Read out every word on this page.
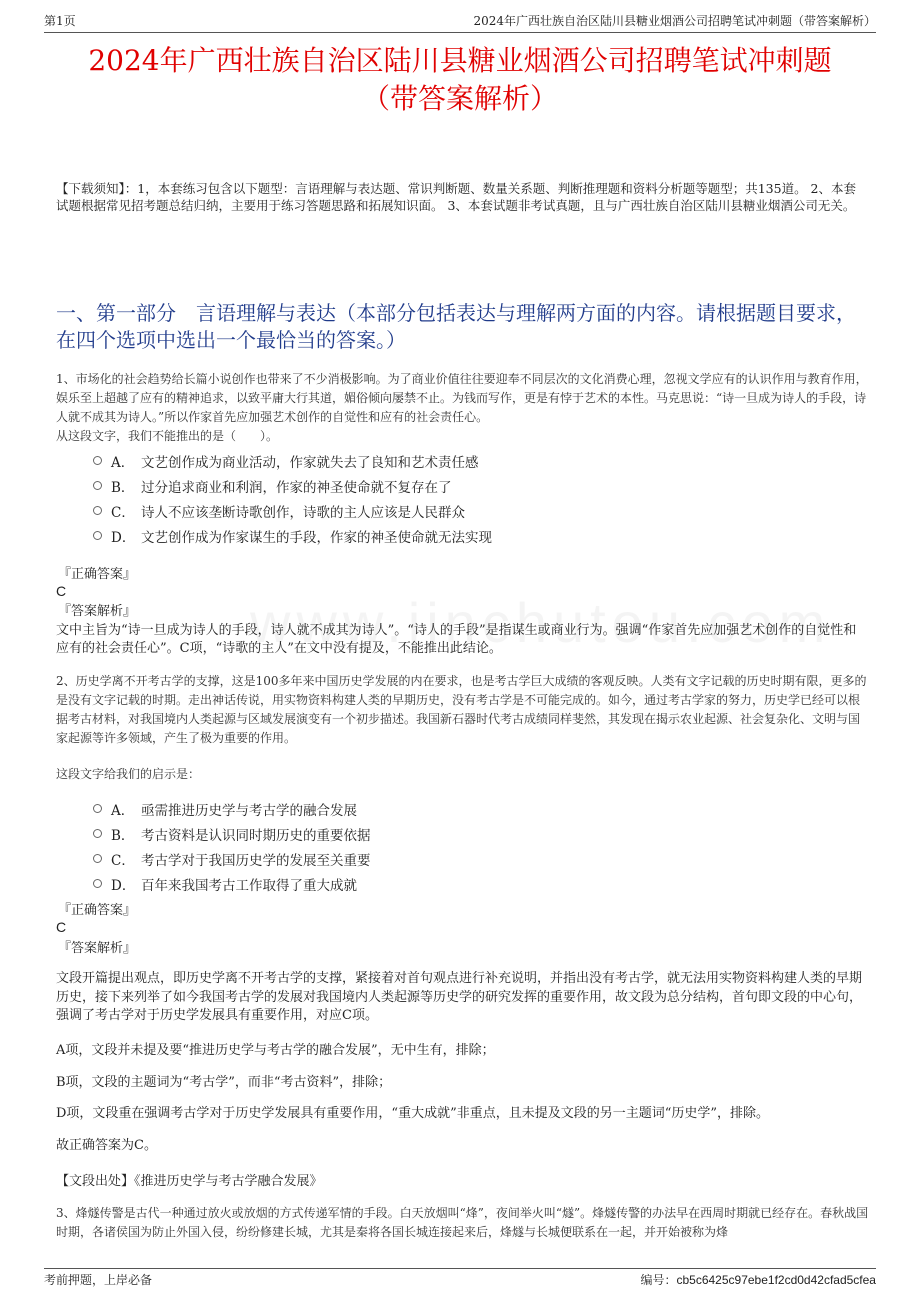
第1页	2024年广西壮族自治区陆川县糖业烟酒公司招聘笔试冲刺题（带答案解析）
2024年广西壮族自治区陆川县糖业烟酒公司招聘笔试冲刺题
（带答案解析）
【下载须知】：1，本套练习包含以下题型：言语理解与表达题、常识判断题、数量关系题、判断推理题和资料分析题等题型；共135道。 2、本套试题根据常见招考题总结归纳，主要用于练习答题思路和拓展知识面。 3、本套试题非考试真题，且与广西壮族自治区陆川县糖业烟酒公司无关。
一、第一部分　言语理解与表达（本部分包括表达与理解两方面的内容。请根据题目要求，在四个选项中选出一个最恰当的答案。）
1、市场化的社会趋势给长篇小说创作也带来了不少消极影响。为了商业价值往往要迎奉不同层次的文化消费心理，忽视文学应有的认识作用与教育作用，娱乐至上超越了应有的精神追求，以致平庸大行其道，媚俗倾向屡禁不止。为钱而写作，更是有悖于艺术的本性。马克思说：“诗一旦成为诗人的手段，诗人就不成其为诗人。”所以作家首先应加强艺术创作的自觉性和应有的社会责任心。
从这段文字，我们不能推出的是（　　）。
A． 文艺创作成为商业活动，作家就失去了良知和艺术责任感
B． 过分追求商业和利润，作家的神圣使命就不复存在了
C． 诗人不应该垄断诗歌创作，诗歌的主人应该是人民群众
D． 文艺创作成为作家谋生的手段，作家的神圣使命就无法实现
『正确答案』
C
『答案解析』
文中主旨为“诗一旦成为诗人的手段，诗人就不成其为诗人”。“诗人的手段”是指谋生或商业行为。强调“作家首先应加强艺术创作的自觉性和应有的社会责任心”。C项，“诗歌的主人”在文中没有提及，不能推出此结论。
2、历史学离不开考古学的支撑，这是100多年来中国历史学发展的内在要求，也是考古学巨大成绩的客观反映。人类有文字记载的历史时期有限，更多的是没有文字记载的时期。走出神话传说，用实物资料构建人类的早期历史，没有考古学是不可能完成的。如今，通过考古学家的努力，历史学已经可以根据考古材料，对我国境内人类起源与区域发展演变有一个初步描述。我国新石器时代考古成绩同样斐然，其发现在揭示农业起源、社会复杂化、文明与国家起源等许多领域，产生了极为重要的作用。
这段文字给我们的启示是：
A． 亟需推进历史学与考古学的融合发展
B． 考古资料是认识同时期历史的重要依据
C． 考古学对于我国历史学的发展至关重要
D． 百年来我国考古工作取得了重大成就
『正确答案』
C
『答案解析』
文段开篇提出观点，即历史学离不开考古学的支撑，紧接着对首句观点进行补充说明，并指出没有考古学，就无法用实物资料构建人类的早期历史，接下来列举了如今我国考古学的发展对我国境内人类起源等历史学的研究发挥的重要作用，故文段为总分结构，首句即文段的中心句，强调了考古学对于历史学发展具有重要作用，对应C项。
A项，文段并未提及要“推进历史学与考古学的融合发展”，无中生有，排除；
B项，文段的主题词为“考古学”，而非“考古资料”，排除；
D项，文段重在强调考古学对于历史学发展具有重要作用，“重大成就”非重点，且未提及文段的另一主题词“历史学”，排除。
故正确答案为C。
【文段出处】《推进历史学与考古学融合发展》
3、烽燧传警是古代一种通过放火或放烟的方式传递军情的手段。白天放烟叫“烽”，夜间举火叫“燧”。烽燧传警的办法早在西周时期就已经存在。春秋战国时期，各诸侯国为防止外国入侵，纷纷修建长城，尤其是秦将各国长城连接起来后，烽燧与长城便联系在一起，并开始被称为烽
考前押题，上岸必备	编号：cb5c6425c97ebe1f2cd0d42cfad5cfea
